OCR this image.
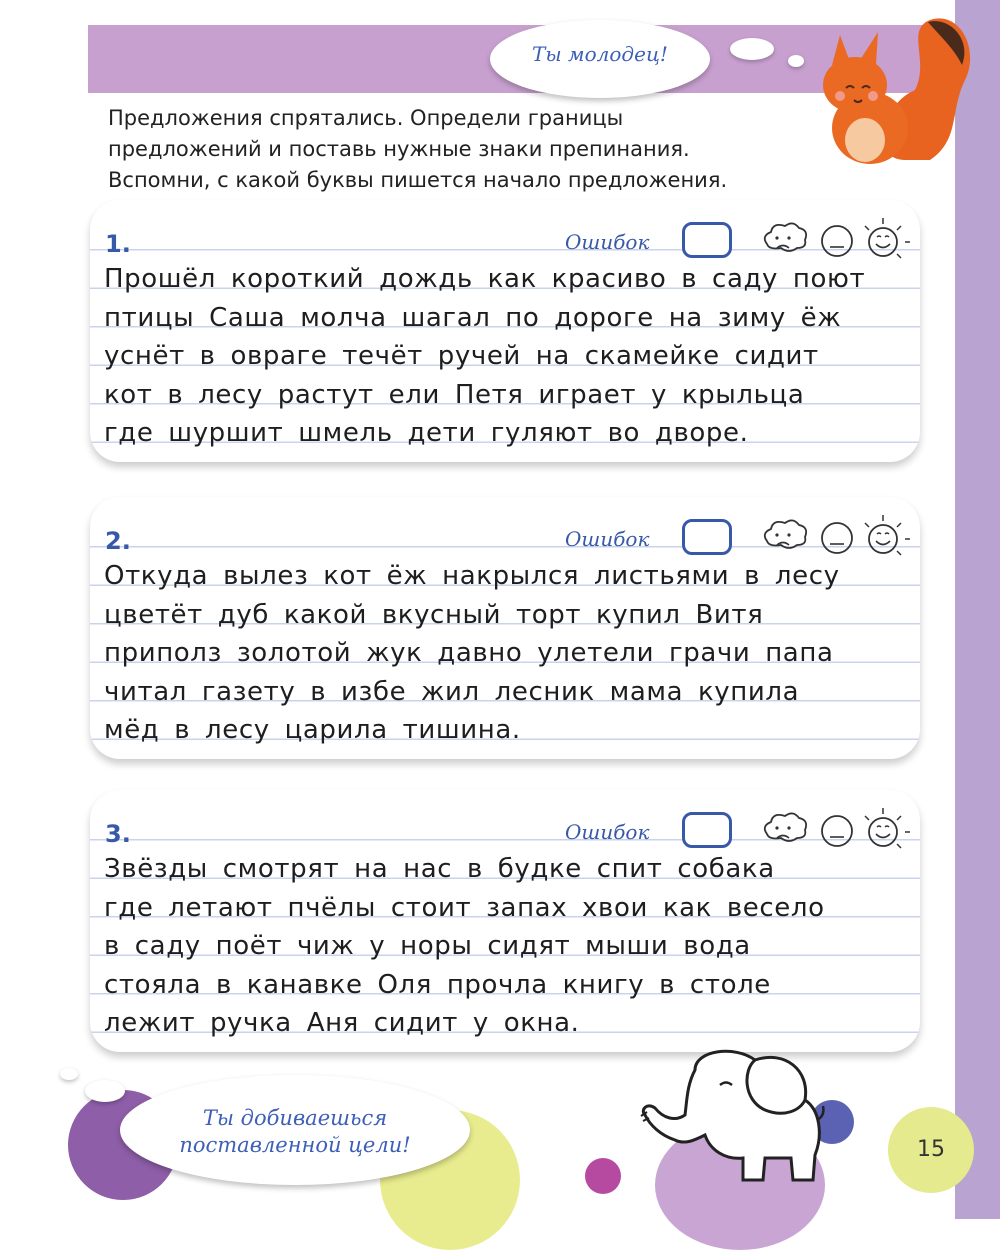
Ты молодец!
Предложения спрятались. Определи границы
предложений и поставь нужные знаки препинания.
Вспомни, с какой буквы пишется начало предложения.
1.	Ошибок
Прошёл короткий дождь как красиво в саду поют
птицы Саша молча шагал по дороге на зиму ёж
уснёт в овраге течёт ручей на скамейке сидит
кот в лесу растут ели Петя играет у крыльца
где шуршит шмель дети гуляют во дворе.
2.	Ошибок
Откуда вылез кот ёж накрылся листьями в лесу
цветёт дуб какой вкусный торт купил Витя
приполз золотой жук давно улетели грачи папа
читал газету в избе жил лесник мама купила
мёд в лесу царила тишина.
3.	Ошибок
Звёзды смотрят на нас в будке спит собака
где летают пчёлы стоит запах хвои как весело
в саду поёт чиж у норы сидят мыши вода
стояла в канавке Оля прочла книгу в столе
лежит ручка Аня сидит у окна.
Ты добиваешься
поставленной цели!	15
